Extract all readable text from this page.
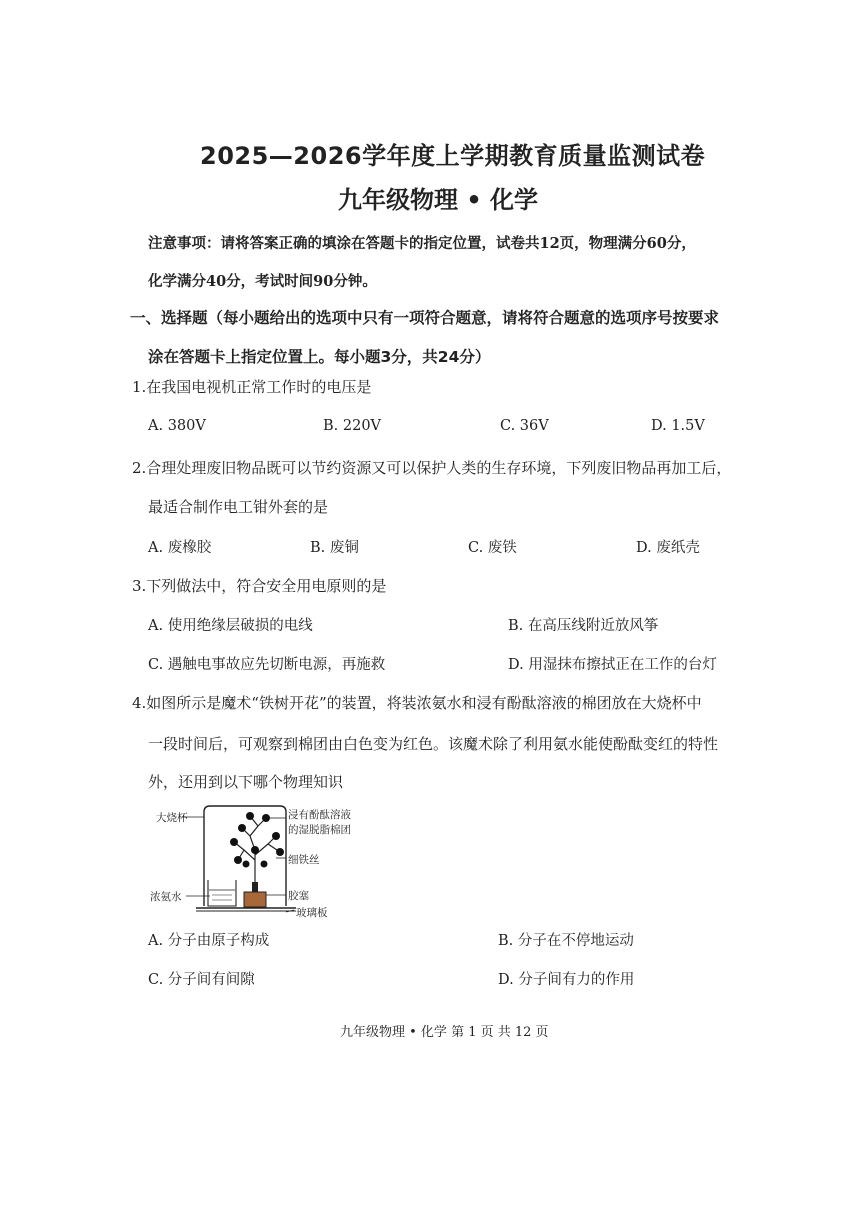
2025—2026学年度上学期教育质量监测试卷
九年级物理 • 化学
注意事项：请将答案正确的填涂在答题卡的指定位置，试卷共12页，物理满分60分，
化学满分40分，考试时间90分钟。
一、选择题（每小题给出的选项中只有一项符合题意，请将符合题意的选项序号按要求
涂在答题卡上指定位置上。每小题3分，共24分）
1.在我国电视机正常工作时的电压是
A. 380V	B. 220V	C. 36V	D. 1.5V
2.合理处理废旧物品既可以节约资源又可以保护人类的生存环境，下列废旧物品再加工后，
最适合制作电工钳外套的是
A. 废橡胶	B. 废铜	C. 废铁	D. 废纸壳
3.下列做法中，符合安全用电原则的是
A. 使用绝缘层破损的电线	B. 在高压线附近放风筝
C. 遇触电事故应先切断电源，再施救	D. 用湿抹布擦拭正在工作的台灯
4.如图所示是魔术“铁树开花”的装置，将装浓氨水和浸有酚酞溶液的棉团放在大烧杯中
一段时间后，可观察到棉团由白色变为红色。该魔术除了利用氨水能使酚酞变红的特性
外，还用到以下哪个物理知识
大烧杯	浸有酚酞溶液
的湿脱脂棉团
细铁丝
浓氨水	胶塞
玻璃板
A. 分子由原子构成	B. 分子在不停地运动
C. 分子间有间隙	D. 分子间有力的作用
九年级物理 • 化学 第 1 页 共 12 页
